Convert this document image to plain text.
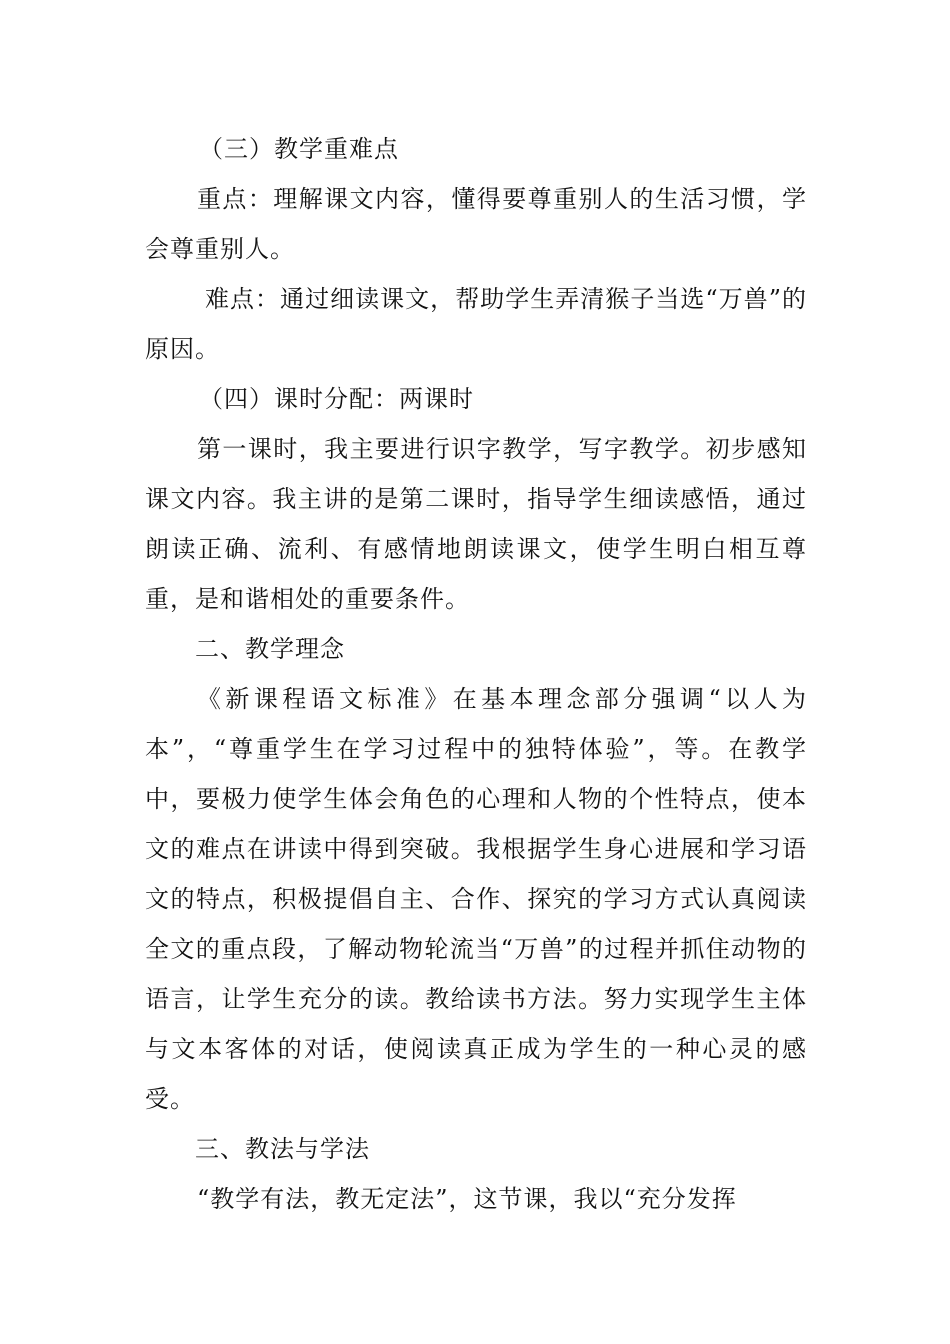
（三）教学重难点

重点：理解课文内容，懂得要尊重别人的生活习惯，学会尊重别人。

难点：通过细读课文，帮助学生弄清猴子当选“万兽”的原因。

（四）课时分配：两课时

第一课时，我主要进行识字教学，写字教学。初步感知课文内容。我主讲的是第二课时，指导学生细读感悟，通过朗读正确、流利、有感情地朗读课文，使学生明白相互尊重，是和谐相处的重要条件。

二、教学理念

《新课程语文标准》在基本理念部分强调“以人为本”，“尊重学生在学习过程中的独特体验”，等。在教学中，要极力使学生体会角色的心理和人物的个性特点，使本文的难点在讲读中得到突破。我根据学生身心进展和学习语文的特点，积极提倡自主、合作、探究的学习方式认真阅读全文的重点段，了解动物轮流当“万兽”的过程并抓住动物的语言，让学生充分的读。教给读书方法。努力实现学生主体与文本客体的对话，使阅读真正成为学生的一种心灵的感受。

三、教法与学法

“教学有法，教无定法”，这节课，我以“充分发挥
